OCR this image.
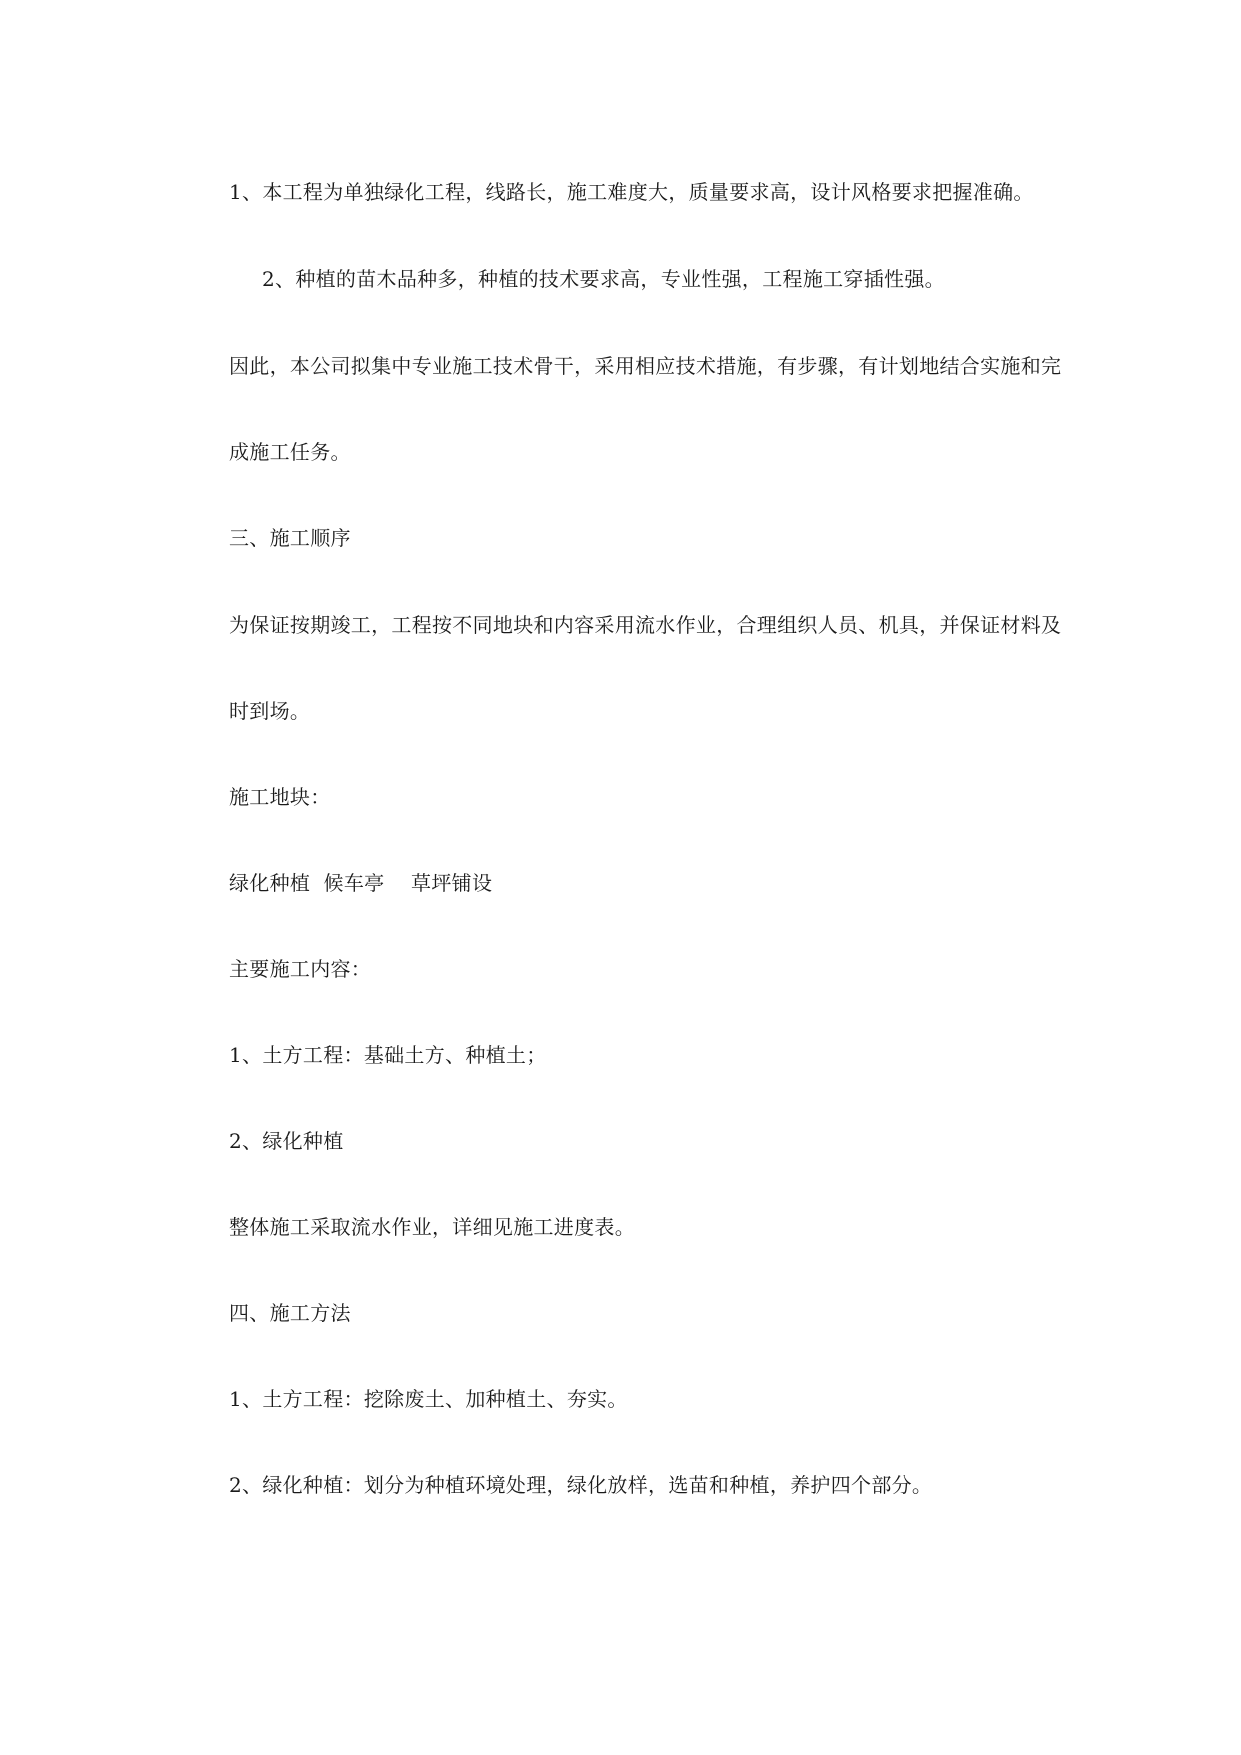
1、本工程为单独绿化工程，线路长，施工难度大，质量要求高，设计风格要求把握准确。
2、种植的苗木品种多，种植的技术要求高，专业性强，工程施工穿插性强。
因此，本公司拟集中专业施工技术骨干，采用相应技术措施，有步骤，有计划地结合实施和完
成施工任务。
三、施工顺序
为保证按期竣工，工程按不同地块和内容采用流水作业，合理组织人员、机具，并保证材料及
时到场。
施工地块：
绿化种植  候车亭    草坪铺设
主要施工内容：
1、土方工程：基础土方、种植土；
2、绿化种植
整体施工采取流水作业，详细见施工进度表。
四、施工方法
1、土方工程：挖除废土、加种植土、夯实。
2、绿化种植：划分为种植环境处理，绿化放样，选苗和种植，养护四个部分。
